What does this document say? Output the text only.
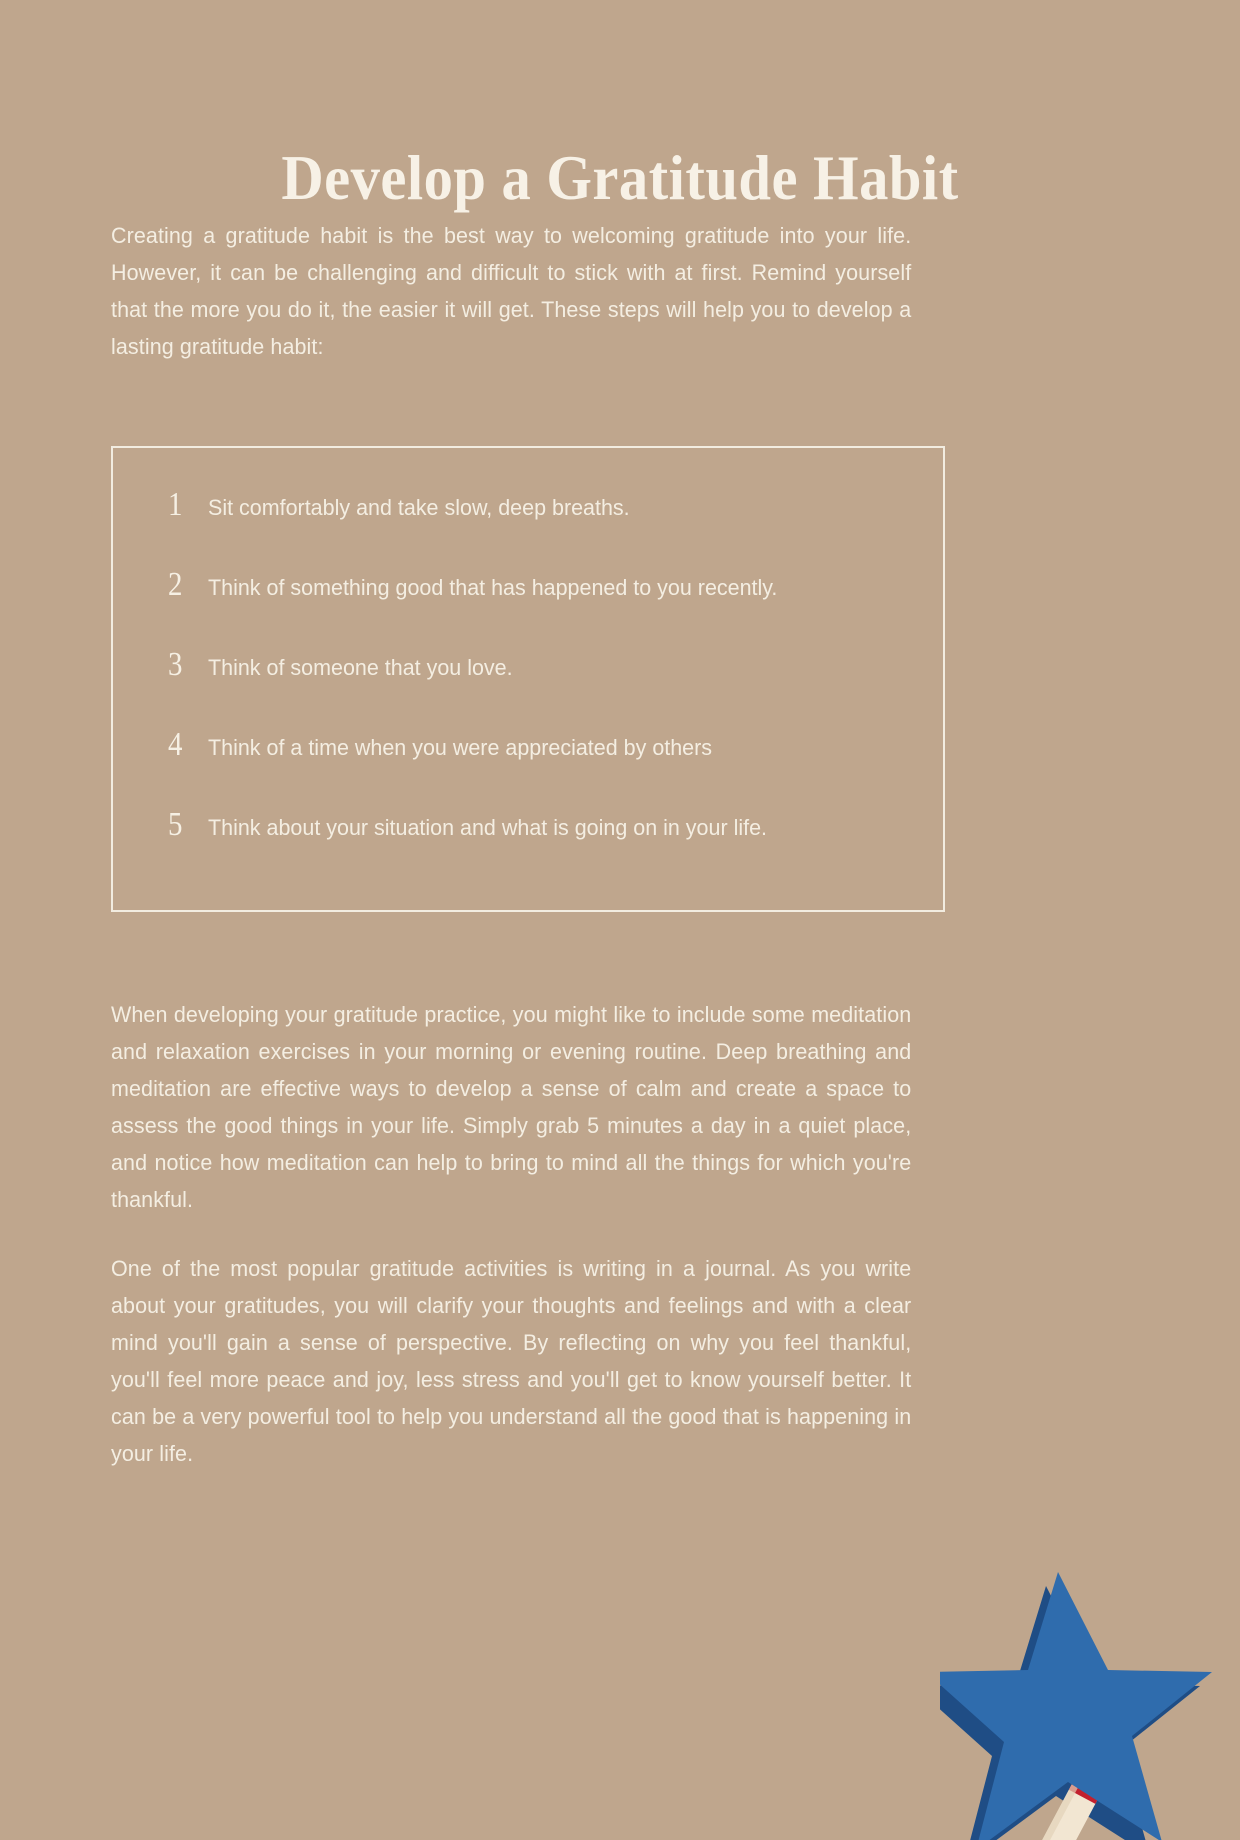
Develop a Gratitude Habit

Creating a gratitude habit is the best way to welcoming gratitude into your life. However, it can be challenging and difficult to stick with at first. Remind yourself that the more you do it, the easier it will get. These steps will help you to develop a lasting gratitude habit:

1	Sit comfortably and take slow, deep breaths.
2	Think of something good that has happened to you recently.
3	Think of someone that you love.
4	Think of a time when you were appreciated by others
5	Think about your situation and what is going on in your life.

When developing your gratitude practice, you might like to include some meditation and relaxation exercises in your morning or evening routine. Deep breathing and meditation are effective ways to develop a sense of calm and create a space to assess the good things in your life. Simply grab 5 minutes a day in a quiet place, and notice how meditation can help to bring to mind all the things for which you're thankful.

One of the most popular gratitude activities is writing in a journal. As you write about your gratitudes, you will clarify your thoughts and feelings and with a clear mind you'll gain a sense of perspective. By reflecting on why you feel thankful, you'll feel more peace and joy, less stress and you'll get to know yourself better. It can be a very powerful tool to help you understand all the good that is happening in your life.
